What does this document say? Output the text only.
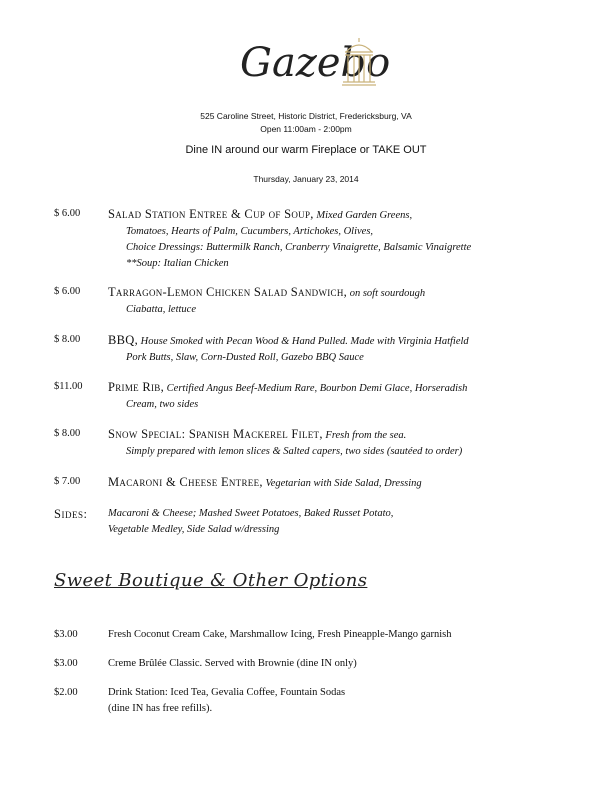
Gazebo
525 Caroline Street, Historic District, Fredericksburg, VA
Open 11:00am - 2:00pm
Dine IN around our warm Fireplace or TAKE OUT
Thursday, January 23, 2014
$ 6.00	Salad Station Entree & Cup of Soup, Mixed Garden Greens,
Tomatoes, Hearts of Palm, Cucumbers, Artichokes, Olives,
Choice Dressings: Buttermilk Ranch, Cranberry Vinaigrette, Balsamic Vinaigrette
**Soup: Italian Chicken
$ 6.00	Tarragon-Lemon Chicken Salad Sandwich, on soft sourdough
Ciabatta, lettuce
$ 8.00	BBQ, House Smoked with Pecan Wood & Hand Pulled. Made with Virginia Hatfield
Pork Butts, Slaw, Corn-Dusted Roll, Gazebo BBQ Sauce
$11.00	Prime Rib, Certified Angus Beef-Medium Rare, Bourbon Demi Glace, Horseradish
Cream, two sides
$ 8.00	Snow Special: Spanish Mackerel Filet, Fresh from the sea.
Simply prepared with lemon slices & Salted capers, two sides (sautéed to order)
$ 7.00	Macaroni & Cheese Entree, Vegetarian with Side Salad, Dressing
Sides: Macaroni & Cheese; Mashed Sweet Potatoes, Baked Russet Potato,
Vegetable Medley, Side Salad w/dressing
Sweet Boutique & Other Options
$3.00	Fresh Coconut Cream Cake, Marshmallow Icing, Fresh Pineapple-Mango garnish
$3.00	Creme Brûlée Classic. Served with Brownie (dine IN only)
$2.00	Drink Station: Iced Tea, Gevalia Coffee, Fountain Sodas
(dine IN has free refills).
